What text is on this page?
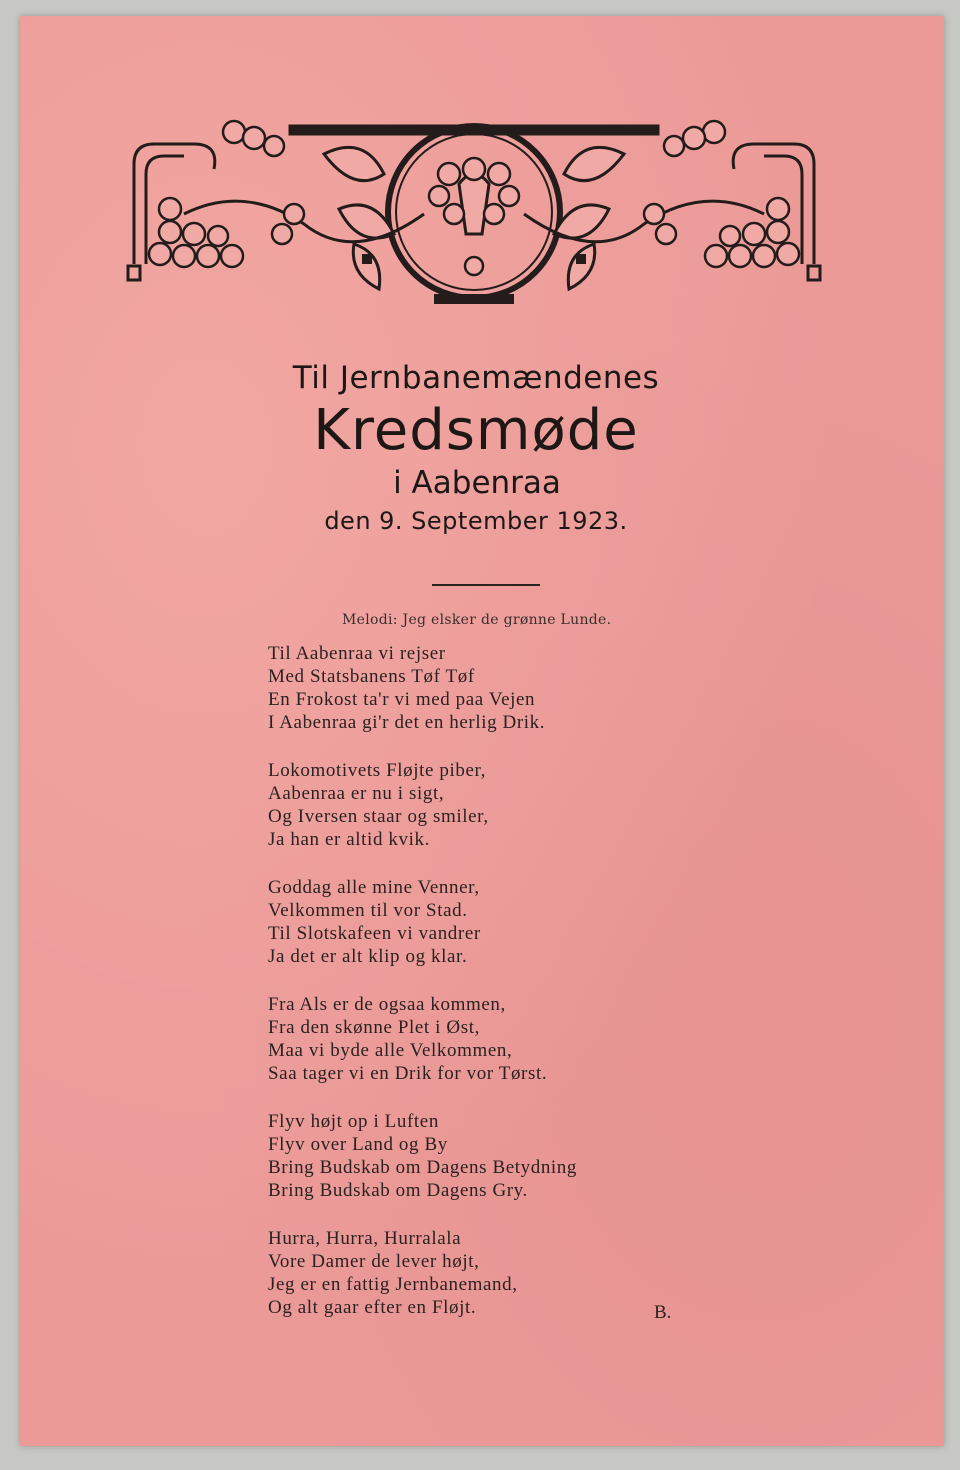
Til Jernbanemændenes
Kredsmøde
i Aabenraa
den 9. September 1923.
Melodi: Jeg elsker de grønne Lunde.
Til Aabenraa vi rejser
Med Statsbanens Tøf Tøf
En Frokost ta'r vi med paa Vejen
I Aabenraa gi'r det en herlig Drik.
Lokomotivets Fløjte piber,
Aabenraa er nu i sigt,
Og Iversen staar og smiler,
Ja han er altid kvik.
Goddag alle mine Venner,
Velkommen til vor Stad.
Til Slotskafeen vi vandrer
Ja det er alt klip og klar.
Fra Als er de ogsaa kommen,
Fra den skønne Plet i Øst,
Maa vi byde alle Velkommen,
Saa tager vi en Drik for vor Tørst.
Flyv højt op i Luften
Flyv over Land og By
Bring Budskab om Dagens Betydning
Bring Budskab om Dagens Gry.
Hurra, Hurra, Hurralala
Vore Damer de lever højt,
Jeg er en fattig Jernbanemand,
Og alt gaar efter en Fløjt.	B.
